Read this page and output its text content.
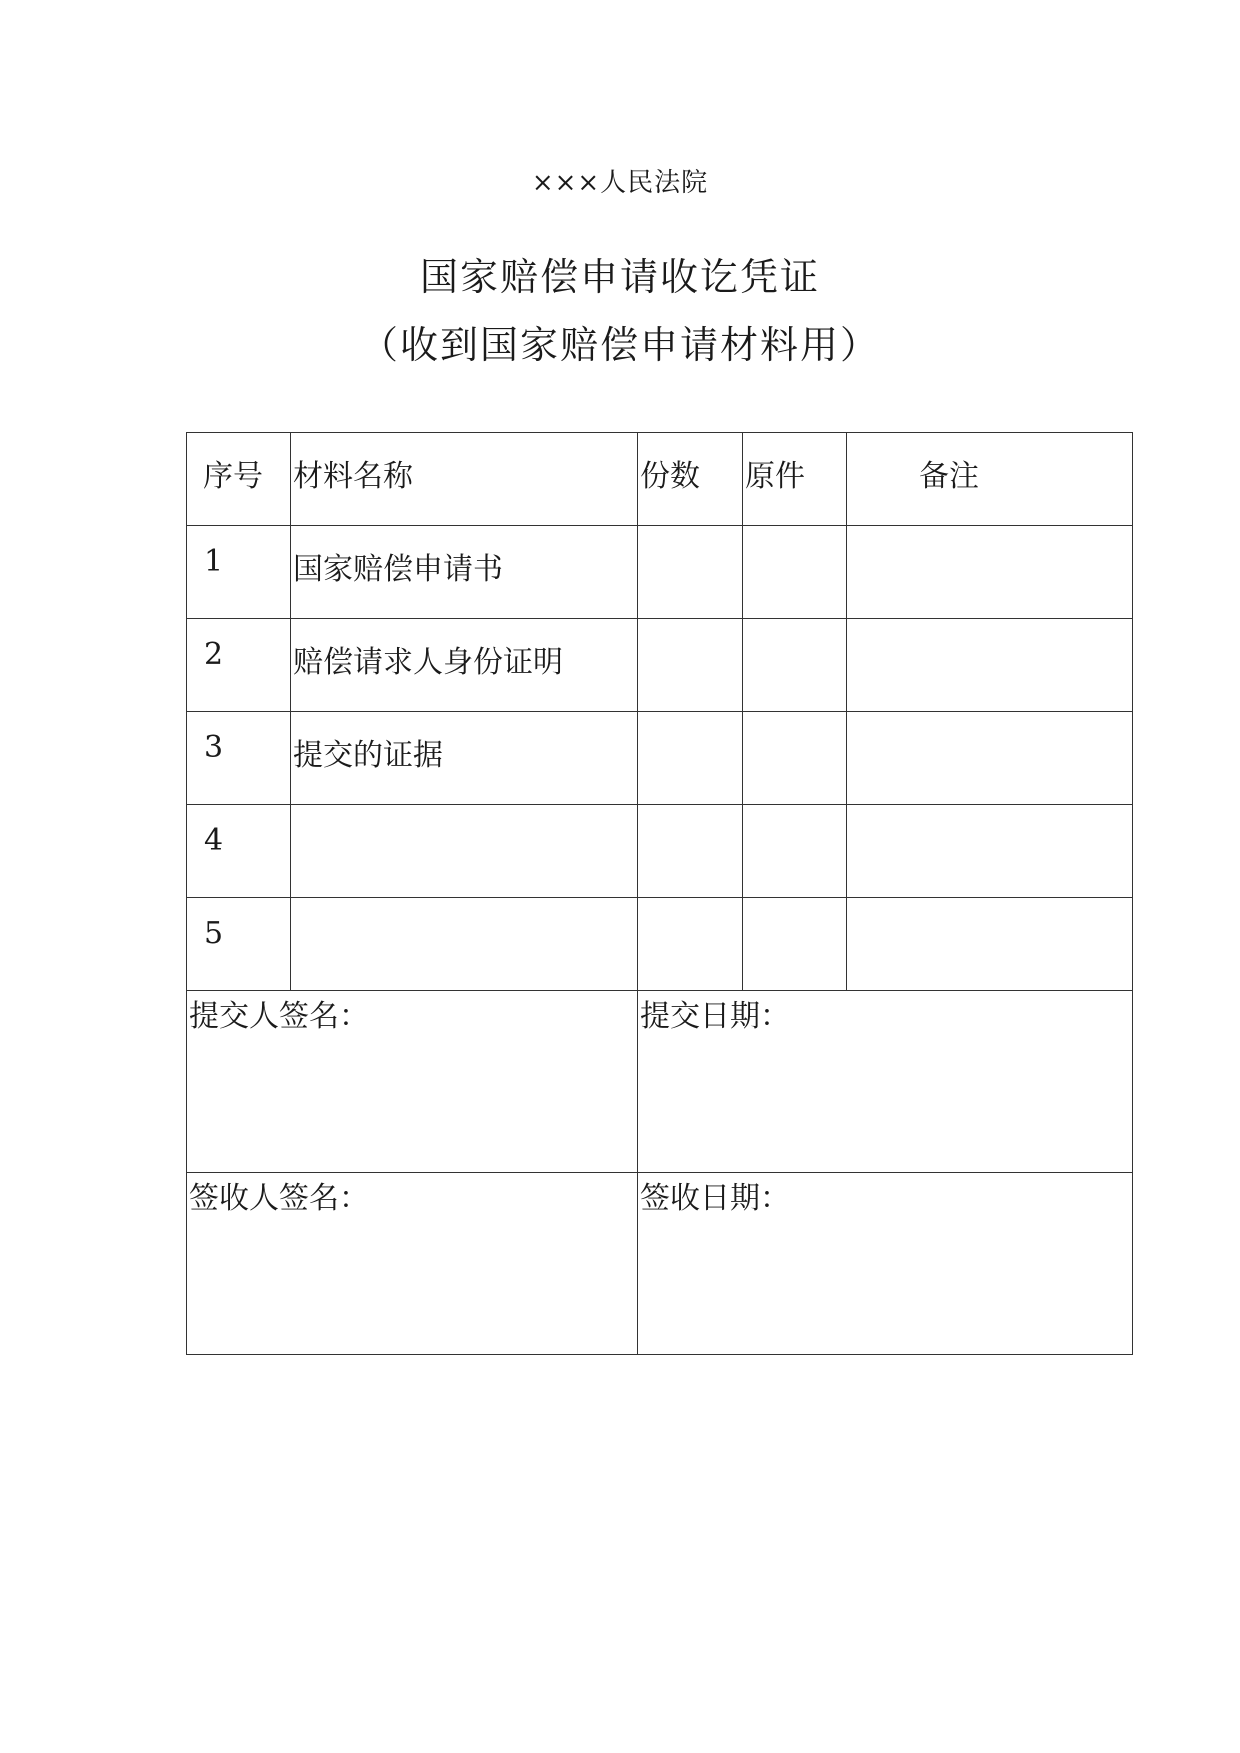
×××人民法院
国家赔偿申请收讫凭证
（收到国家赔偿申请材料用）
序号	材料名称	份数	原件	备注

1	国家赔偿申请书			

2	赔偿请求人身份证明			

3	提交的证据			

4				

5				

提交人签名：		提交日期：		

签收人签名：		签收日期：		
